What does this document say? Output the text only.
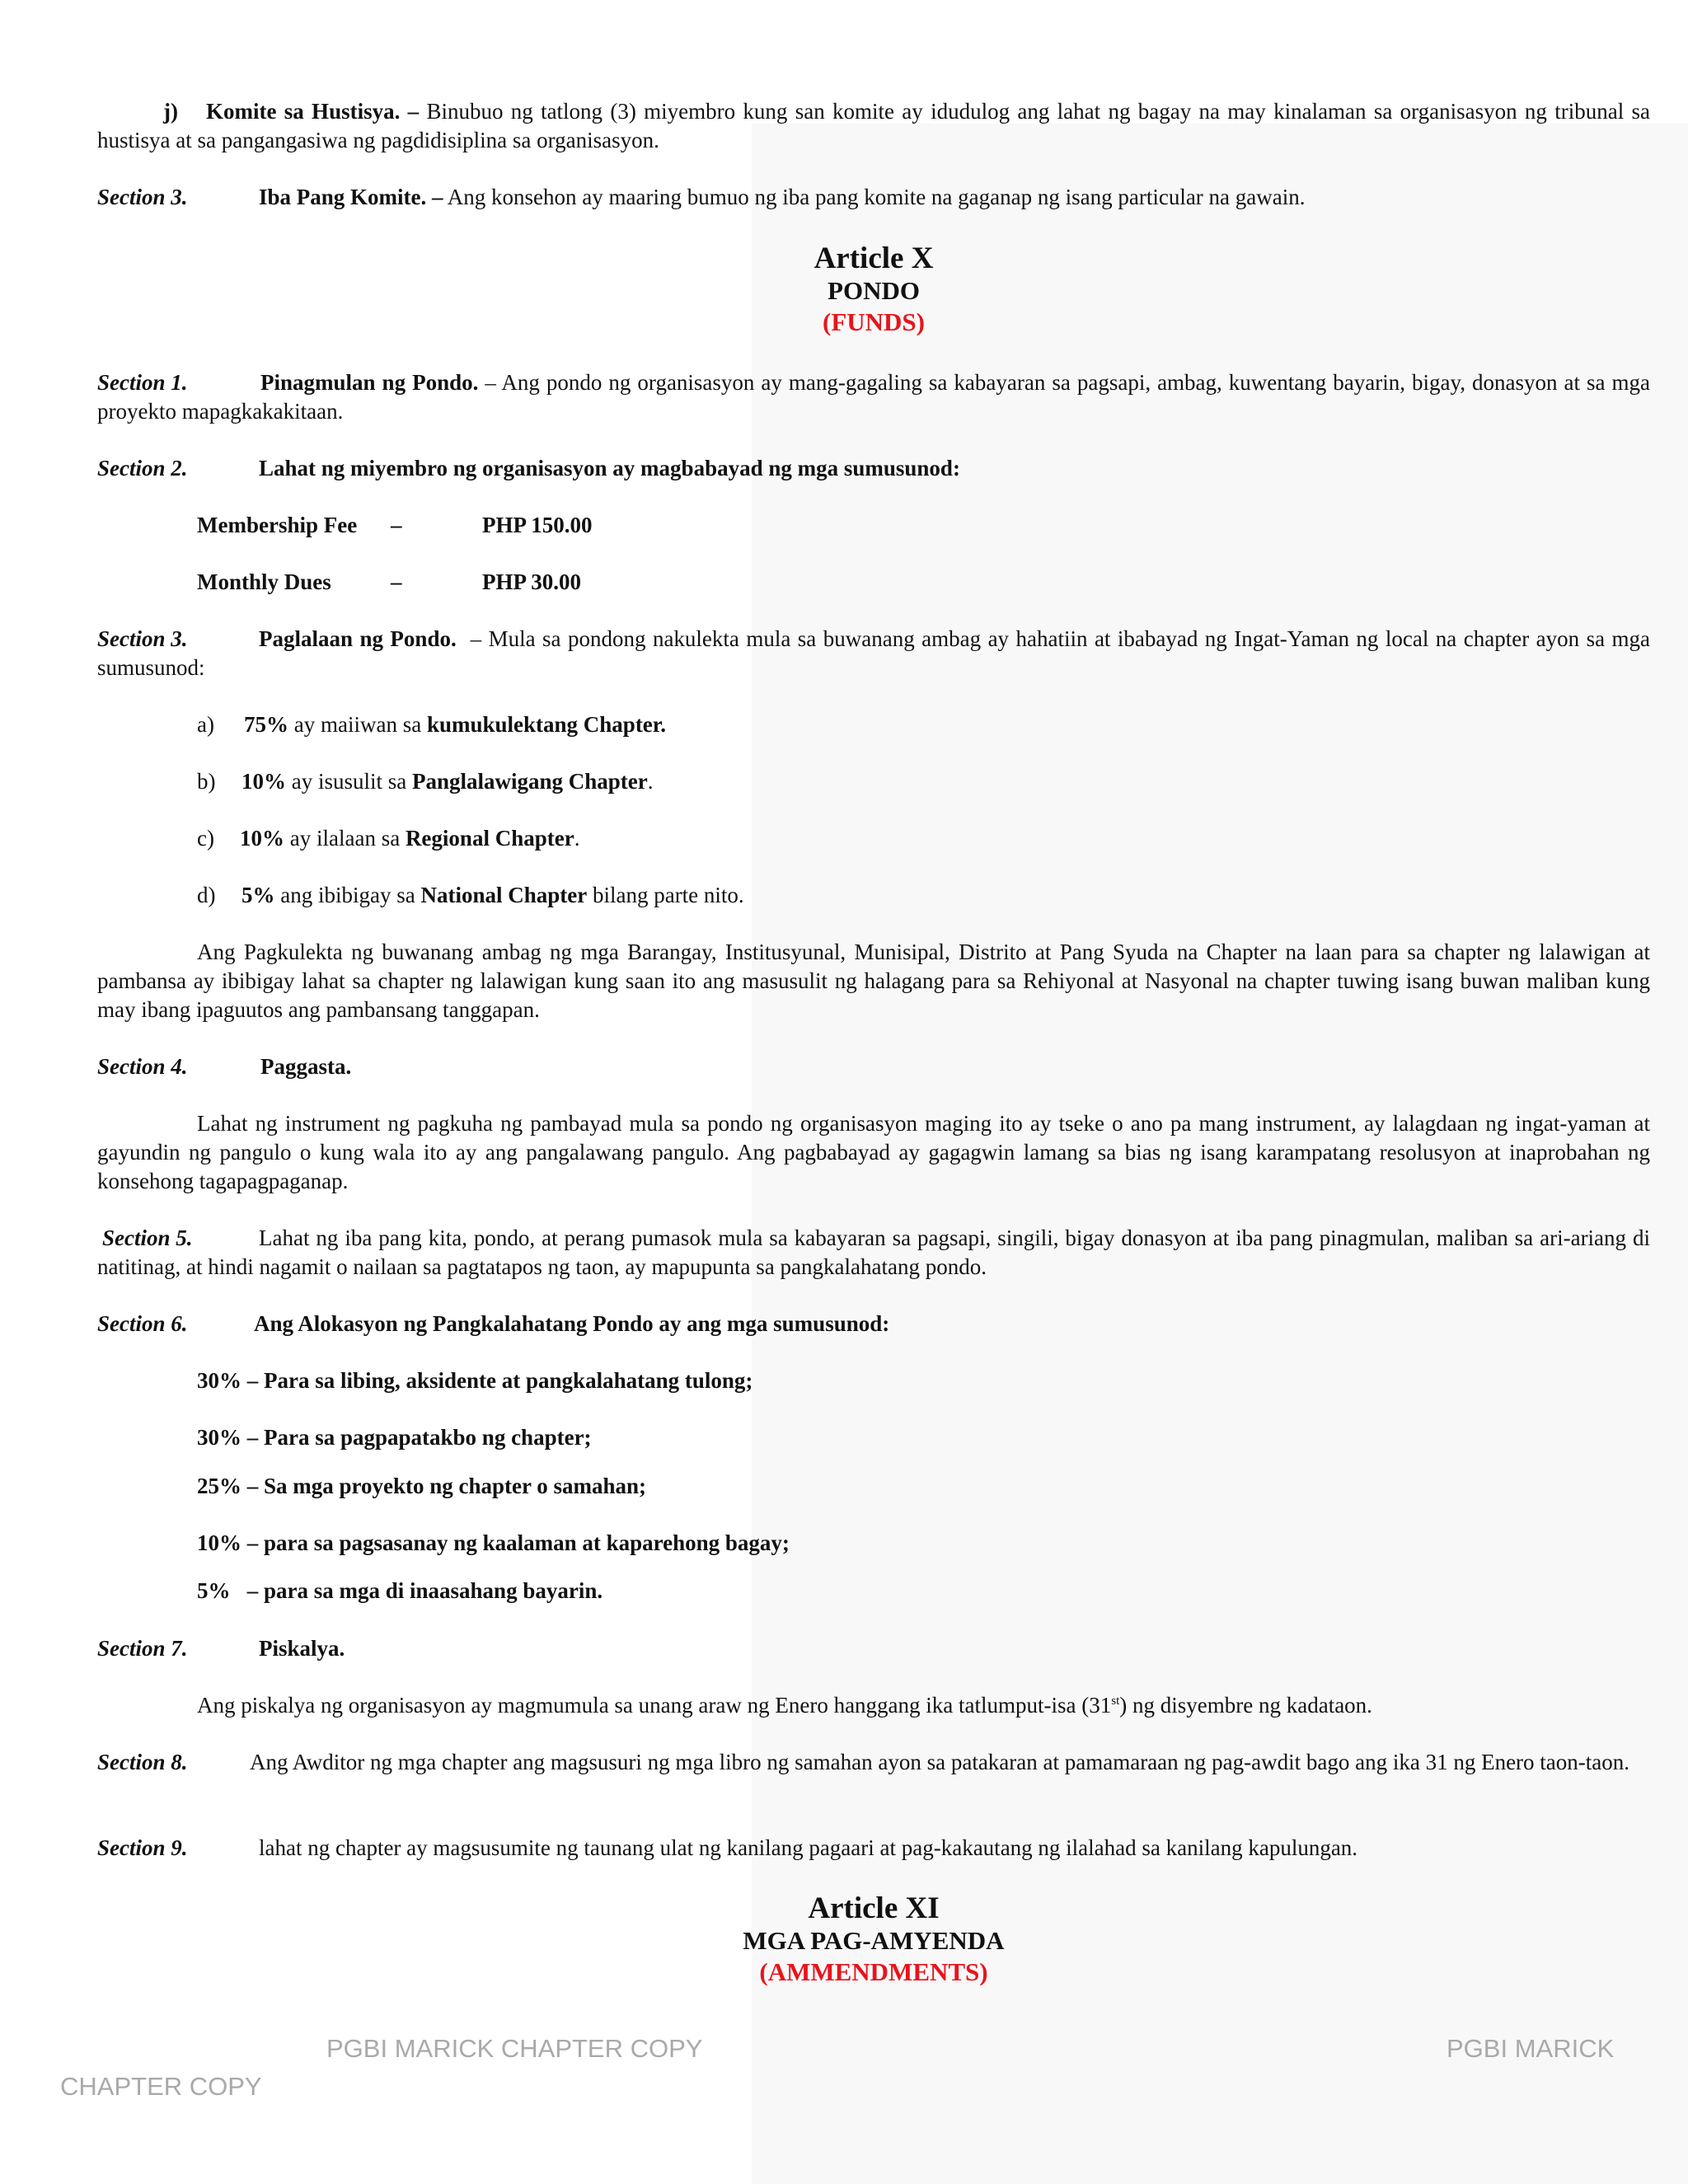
j) Komite sa Hustisya. – Binubuo ng tatlong (3) miyembro kung san komite ay idudulog ang lahat ng bagay na may kinalaman sa organisasyon ng tribunal sa hustisya at sa pangangasiwa ng pagdidisiplina sa organisasyon.

Section 3.	Iba Pang Komite. – Ang konsehon ay maaring bumuo ng iba pang komite na gaganap ng isang particular na gawain.

Article X
PONDO
(FUNDS)

Section 1.	Pinagmulan ng Pondo. – Ang pondo ng organisasyon ay mang-gagaling sa kabayaran sa pagsapi, ambag, kuwentang bayarin, bigay, donasyon at sa mga proyekto mapagkakakitaan.

Section 2.	Lahat ng miyembro ng organisasyon ay magbabayad ng mga sumusunod:

Membership Fee –	PHP 150.00
Monthly Dues	–	PHP 30.00

Section 3.	Paglalaan ng Pondo. – Mula sa pondong nakulekta mula sa buwanang ambag ay hahatiin at ibabayad ng Ingat-Yaman ng local na chapter ayon sa mga sumusunod:

a) 75% ay maiiwan sa kumukulektang Chapter.
b) 10% ay isusulit sa Panglalawigang Chapter.
c) 10% ay ilalaan sa Regional Chapter.
d) 5% ang ibibigay sa National Chapter bilang parte nito.

Ang Pagkulekta ng buwanang ambag ng mga Barangay, Institusyunal, Munisipal, Distrito at Pang Syuda na Chapter na laan para sa chapter ng lalawigan at pambansa ay ibibigay lahat sa chapter ng lalawigan kung saan ito ang masusulit ng halagang para sa Rehiyonal at Nasyonal na chapter tuwing isang buwan maliban kung may ibang ipaguutos ang pambansang tanggapan.

Section 4.	Paggasta.

Lahat ng instrument ng pagkuha ng pambayad mula sa pondo ng organisasyon maging ito ay tseke o ano pa mang instrument, ay lalagdaan ng ingat-yaman at gayundin ng pangulo o kung wala ito ay ang pangalawang pangulo. Ang pagbabayad ay gagagwin lamang sa bias ng isang karampatang resolusyon at inaprobahan ng konsehong tagapagpaganap.

Section 5.	Lahat ng iba pang kita, pondo, at perang pumasok mula sa kabayaran sa pagsapi, singili, bigay donasyon at iba pang pinagmulan, maliban sa ari-ariang di natitinag, at hindi nagamit o nailaan sa pagtatapos ng taon, ay mapupunta sa pangkalahatang pondo.

Section 6.	Ang Alokasyon ng Pangkalahatang Pondo ay ang mga sumusunod:

30% – Para sa libing, aksidente at pangkalahatang tulong;
30% – Para sa pagpapatakbo ng chapter;
25% – Sa mga proyekto ng chapter o samahan;
10% – para sa pagsasanay ng kaalaman at kaparehong bagay;
5%   – para sa mga di inaasahang bayarin.

Section 7.	Piskalya.

Ang piskalya ng organisasyon ay magmumula sa unang araw ng Enero hanggang ika tatlumput-isa (31st) ng disyembre ng kadataon.

Section 8.	Ang Awditor ng mga chapter ang magsusuri ng mga libro ng samahan ayon sa patakaran at pamamaraan ng pag-awdit bago ang ika 31 ng Enero taon-taon.

Section 9.	lahat ng chapter ay magsusumite ng taunang ulat ng kanilang pagaari at pag-kakautang ng ilalahad sa kanilang kapulungan.

Article XI
MGA PAG-AMYENDA
(AMMENDMENTS)
PGBI MARICK CHAPTER COPY	PGBI MARICK
CHAPTER COPY
